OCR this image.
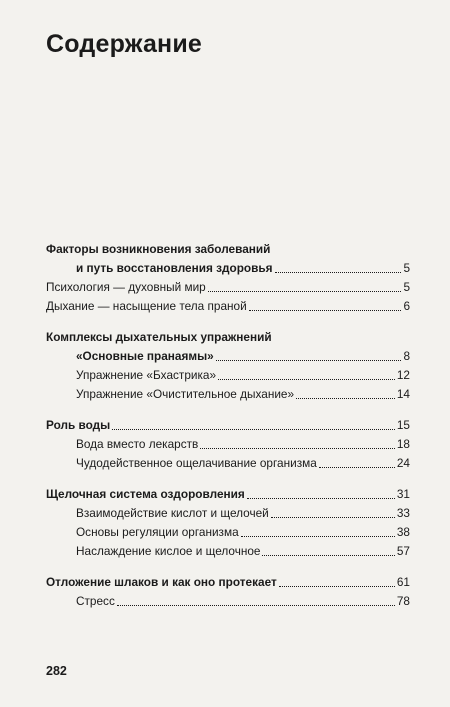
Содержание
Факторы возникновения заболеваний
и путь восстановления здоровья	5
Психология — духовный мир	5
Дыхание — насыщение тела праной	6
Комплексы дыхательных упражнений
«Основные пранаямы»	8
Упражнение «Бхастрика»	12
Упражнение «Очистительное дыхание»	14
Роль воды	15
Вода вместо лекарств	18
Чудодейственное ощелачивание организма	24
Щелочная система оздоровления	31
Взаимодействие кислот и щелочей	33
Основы регуляции организма	38
Наслаждение кислое и щелочное	57
Отложение шлаков и как оно протекает	61
Стресс	78
282
